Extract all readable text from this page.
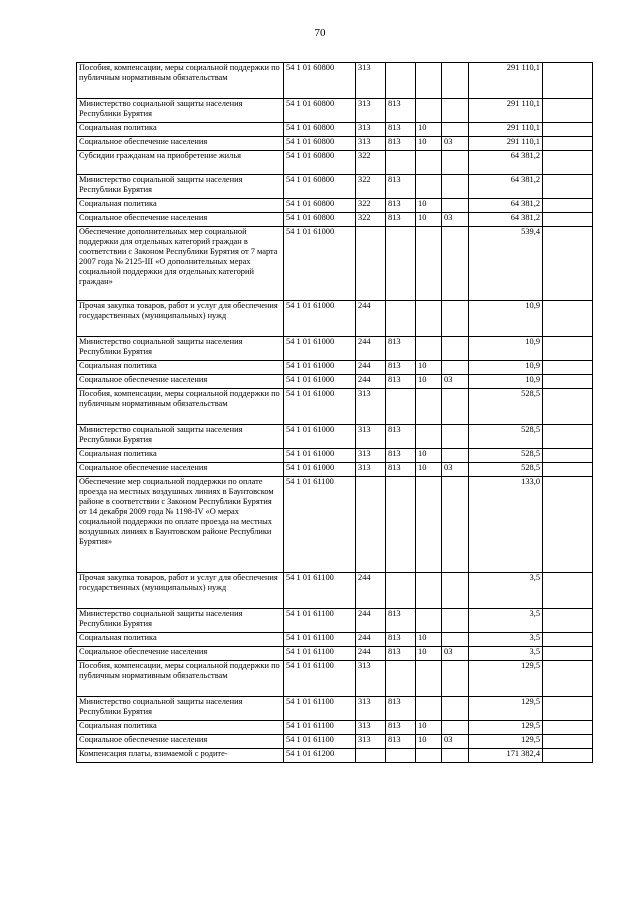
70
Пособия, компенсации, меры социальной поддержки по публичным нормативным обязательствам	54 1 01 60800	313				291 110,1	
Министерство социальной защиты населения Республики Бурятия	54 1 01 60800	313	813			291 110,1	
Социальная политика	54 1 01 60800	313	813	10		291 110,1	
Социальное обеспечение населения	54 1 01 60800	313	813	10	03	291 110,1	
Субсидии гражданам на приобретение жилья	54 1 01 60800	322				64 381,2	
Министерство социальной защиты населения Республики Бурятия	54 1 01 60800	322	813			64 381,2	
Социальная политика	54 1 01 60800	322	813	10		64 381,2	
Социальное обеспечение населения	54 1 01 60800	322	813	10	03	64 381,2	
Обеспечение дополнительных мер социальной поддержки для отдельных категорий граждан в соответствии с Законом Республики Бурятия от 7 марта 2007 года № 2125-III «О дополнительных мерах социальной поддержки для отдельных категорий граждан»	54 1 01 61000					539,4	
Прочая закупка товаров, работ и услуг для обеспечения государственных (муниципальных) нужд	54 1 01 61000	244				10,9	
Министерство социальной защиты населения Республики Бурятия	54 1 01 61000	244	813			10,9	
Социальная политика	54 1 01 61000	244	813	10		10,9	
Социальное обеспечение населения	54 1 01 61000	244	813	10	03	10,9	
Пособия, компенсации, меры социальной поддержки по публичным нормативным обязательствам	54 1 01 61000	313				528,5	
Министерство социальной защиты населения Республики Бурятия	54 1 01 61000	313	813			528,5	
Социальная политика	54 1 01 61000	313	813	10		528,5	
Социальное обеспечение населения	54 1 01 61000	313	813	10	03	528,5	
Обеспечение мер социальной поддержки по оплате проезда на местных воздушных линиях в Баунтовском районе в соответствии с Законом Республики Бурятия от 14 декабря 2009 года № 1198-IV «О мерах социальной поддержки по оплате проезда на местных воздушных линиях в Баунтовском районе Республики Бурятия»	54 1 01 61100					133,0	
Прочая закупка товаров, работ и услуг для обеспечения государственных (муниципальных) нужд	54 1 01 61100	244				3,5	
Министерство социальной защиты населения Республики Бурятия	54 1 01 61100	244	813			3,5	
Социальная политика	54 1 01 61100	244	813	10		3,5	
Социальное обеспечение населения	54 1 01 61100	244	813	10	03	3,5	
Пособия, компенсации, меры социальной поддержки по публичным нормативным обязательствам	54 1 01 61100	313				129,5	
Министерство социальной защиты населения Республики Бурятия	54 1 01 61100	313	813			129,5	
Социальная политика	54 1 01 61100	313	813	10		129,5	
Социальное обеспечение населения	54 1 01 61100	313	813	10	03	129,5	
Компенсация платы, взимаемой с родите-	54 1 01 61200					171 382,4	
